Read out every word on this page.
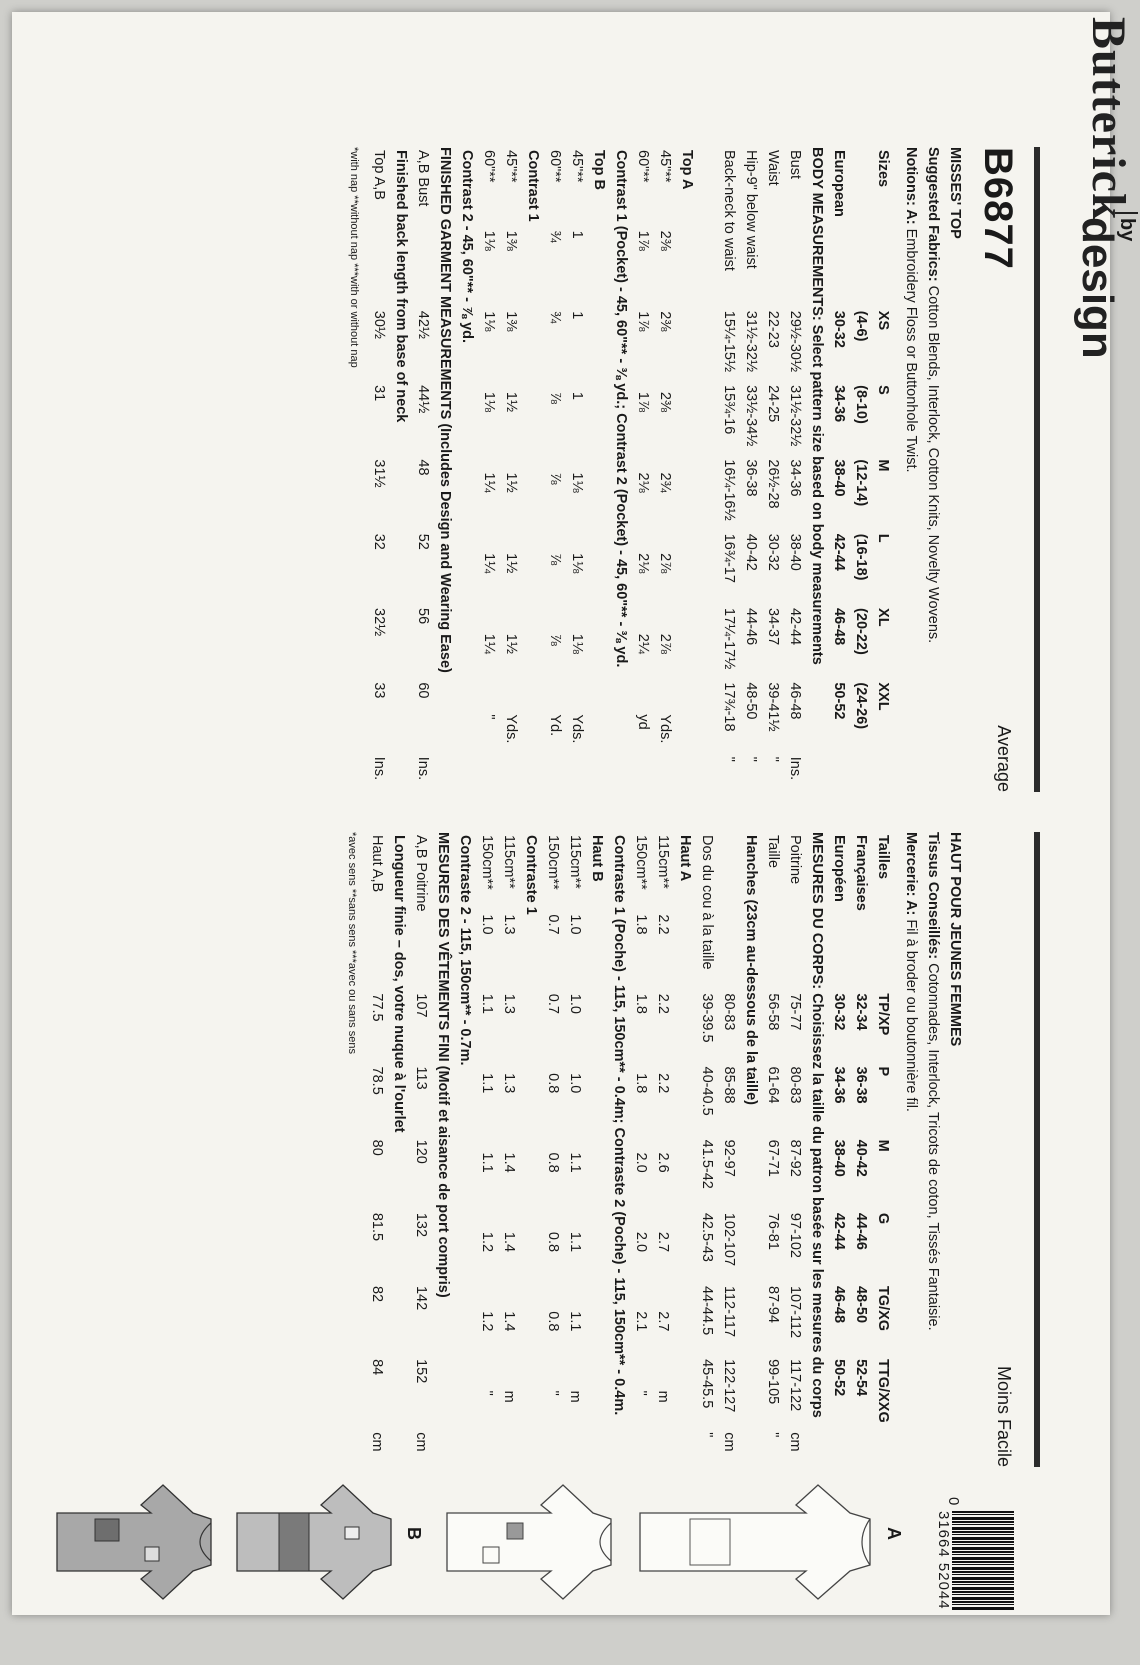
Butterick
by
design
B6877
Average
MISSES' TOP
Suggested Fabrics: Cotton Blends, Interlock, Cotton Knits, Novelty Wovens.
Notions: A: Embroidery Floss or Buttonhole Twist.
Sizes	XS	S	M	L	XL	XXL	
	(4-6)	(8-10)	(12-14)	(16-18)	(20-22)	(24-26)	
European	30-32	34-36	38-40	42-44	46-48	50-52	
BODY MEASUREMENTS: Select pattern size based on body measurements
Bust	29½-30½	31½-32½	34-36	38-40	42-44	46-48	Ins.
Waist	22-23	24-25	26½-28	30-32	34-37	39-41½	"
Hip-9" below waist	31½-32½	33½-34½	36-38	40-42	44-46	48-50	"
Back-neck to waist	15¼-15½	15¾-16	16¼-16½	16¾-17	17¼-17½	17¾-18	"
Top A							
45"**	2⅜	2⅜	2⅜	2¾	2⅞	2⅞	Yds.
60"**	1⅞	1⅞	1⅞	2⅛	2⅛	2¼	yd
Contrast 1 (Pocket) - 45, 60"** - ⅜ yd.; Contrast 2 (Pocket) - 45, 60"** - ⅜ yd.							
Top B							
45"**	1	1	1	1⅛	1⅛	1⅛	Yds.
60"**	¾	¾	⅞	⅞	⅞	⅞	Yd.
Contrast 1							
45"**	1⅜	1⅜	1½	1½	1½	1½	Yds.
60"**	1⅛	1⅛	1⅛	1¼	1¼	1¼	"
Contrast 2 - 45, 60"** - ⅞ yd.							
FINISHED GARMENT MEASUREMENTS (Includes Design and Wearing Ease)
A,B Bust	42½	44½	48	52	56	60	Ins.
Finished back length from base of neck							
Top A,B	30½	31	31½	32	32½	33	Ins.
*with nap **without nap ***with or without nap
Moins Facile
HAUT POUR JEUNES FEMMES
Tissus Conseillés: Cotonnades, Interlock, Tricots de coton, Tissés Fantaisie.
Mercerie: A: Fil à broder ou boutonnière fil.
Tailles	TP/XP	P	M	G	TG/XG	TTG/XXG	
Françaises	32-34	36-38	40-42	44-46	48-50	52-54	
Européen	30-32	34-36	38-40	42-44	46-48	50-52	
MESURES DU CORPS: Choisissez la taille du patron basée sur les mesures du corps
Poitrine	75-77	80-83	87-92	97-102	107-112	117-122	cm
Taille	56-58	61-64	67-71	76-81	87-94	99-105	"
Hanches (23cm au-dessous de la taille)							
	80-83	85-88	92-97	102-107	112-117	122-127	cm
Dos du cou à la taille	39-39.5	40-40.5	41.5-42	42.5-43	44-44.5	45-45.5	"
Haut A							
115cm**	2.2	2.2	2.2	2.6	2.7	2.7	m
150cm**	1.8	1.8	1.8	2.0	2.0	2.1	"
Contraste 1 (Poche) - 115, 150cm** - 0.4m; Contraste 2 (Poche) - 115, 150cm** - 0.4m.							
Haut B							
115cm**	1.0	1.0	1.0	1.1	1.1	1.1	m
150cm**	0.7	0.7	0.8	0.8	0.8	0.8	"
Contraste 1							
115cm**	1.3	1.3	1.3	1.4	1.4	1.4	m
150cm**	1.0	1.1	1.1	1.1	1.2	1.2	"
Contraste 2 - 115, 150cm** - 0.7m.							
MESURES DES VÊTEMENTS FINI (Motif et aisance de port compris)
A,B Poitrine	107	113	120	132	142	152	cm
Longueur finie – dos, votre nuque à l'ourlet							
Haut A,B	77.5	78.5	80	81.5	82	84	cm
*avec sens **sans sens ***avec ou sans sens
0
31664 52044
A
B
